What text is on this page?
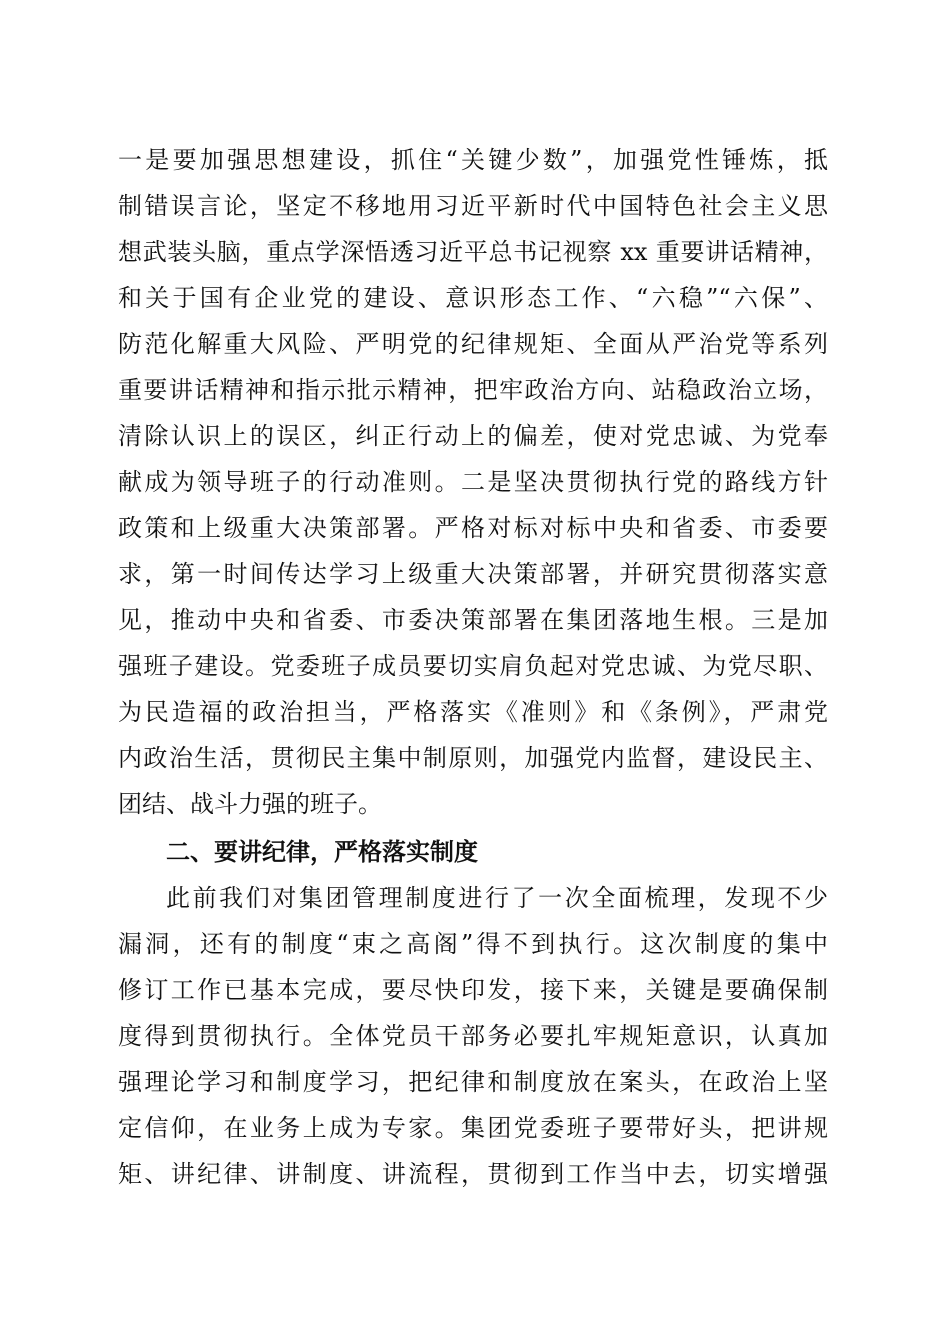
一是要加强思想建设，抓住“关键少数”，加强党性锤炼，抵
制错误言论，坚定不移地用习近平新时代中国特色社会主义思
想武装头脑，重点学深悟透习近平总书记视察 xx 重要讲话精神，
和关于国有企业党的建设、意识形态工作、“六稳”“六保”、
防范化解重大风险、严明党的纪律规矩、全面从严治党等系列
重要讲话精神和指示批示精神，把牢政治方向、站稳政治立场，
清除认识上的误区，纠正行动上的偏差，使对党忠诚、为党奉
献成为领导班子的行动准则。二是坚决贯彻执行党的路线方针
政策和上级重大决策部署。严格对标对标中央和省委、市委要
求，第一时间传达学习上级重大决策部署，并研究贯彻落实意
见，推动中央和省委、市委决策部署在集团落地生根。三是加
强班子建设。党委班子成员要切实肩负起对党忠诚、为党尽职、
为民造福的政治担当，严格落实《准则》和《条例》，严肃党
内政治生活，贯彻民主集中制原则，加强党内监督，建设民主、
团结、战斗力强的班子。
二、要讲纪律，严格落实制度
此前我们对集团管理制度进行了一次全面梳理，发现不少
漏洞，还有的制度“束之高阁”得不到执行。这次制度的集中
修订工作已基本完成，要尽快印发，接下来，关键是要确保制
度得到贯彻执行。全体党员干部务必要扎牢规矩意识，认真加
强理论学习和制度学习，把纪律和制度放在案头，在政治上坚
定信仰，在业务上成为专家。集团党委班子要带好头，把讲规
矩、讲纪律、讲制度、讲流程，贯彻到工作当中去，切实增强
